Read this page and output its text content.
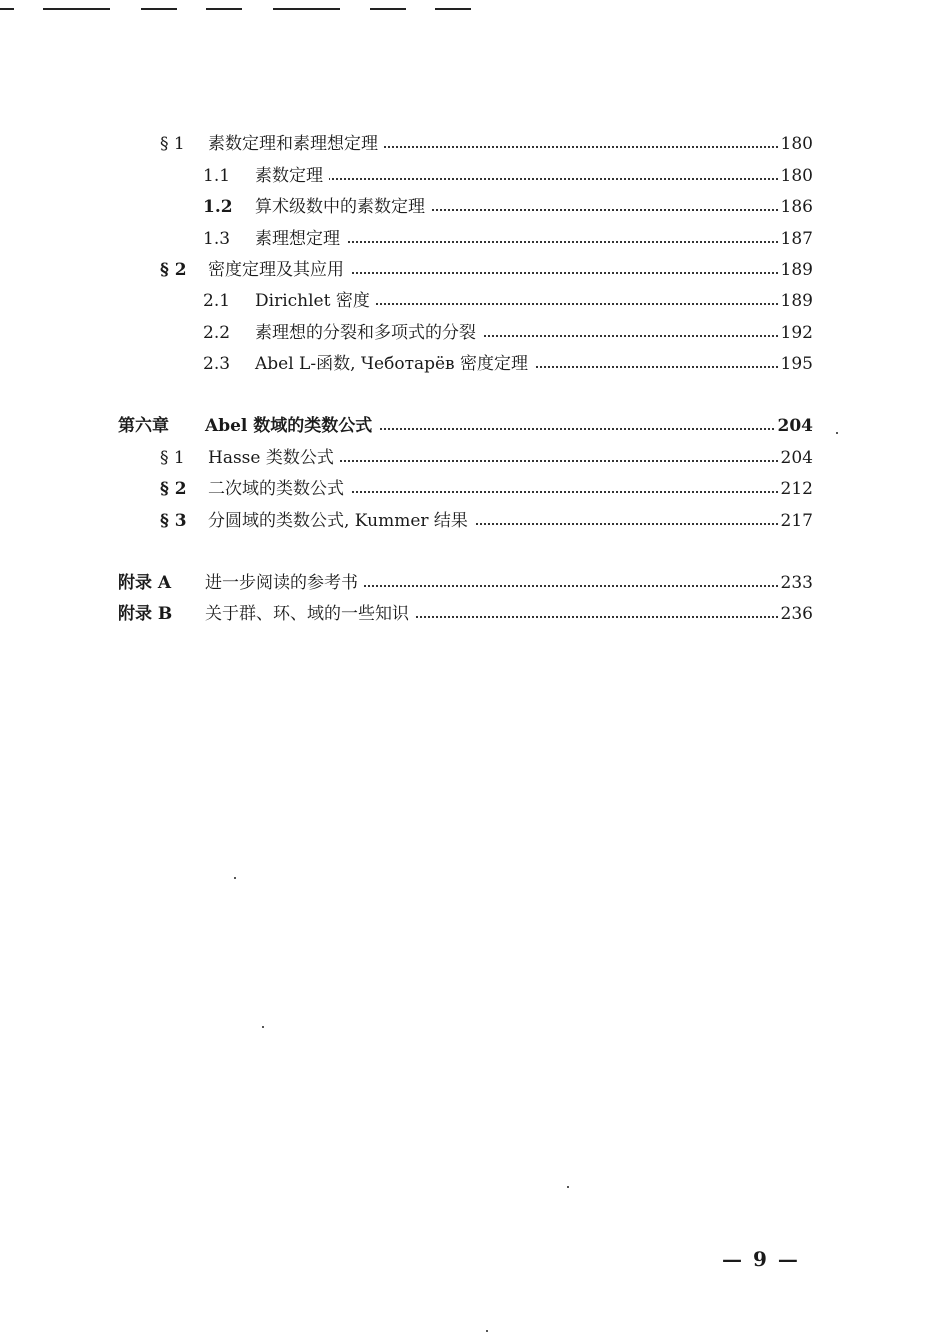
§ 1 素数定理和素理想定理	180
1.1 素数定理	180
1.2 算术级数中的素数定理	186
1.3 素理想定理	187
§ 2 密度定理及其应用	189
2.1 Dirichlet 密度	189
2.2 素理想的分裂和多项式的分裂	192
2.3 Abel L-函数, Чеботарёв 密度定理	195
第六章 Abel 数域的类数公式	204
§ 1 Hasse 类数公式	204
§ 2 二次域的类数公式	212
§ 3 分圆域的类数公式, Kummer 结果	217
附录 A 进一步阅读的参考书	233
附录 B 关于群、环、域的一些知识	236
— 9 —
